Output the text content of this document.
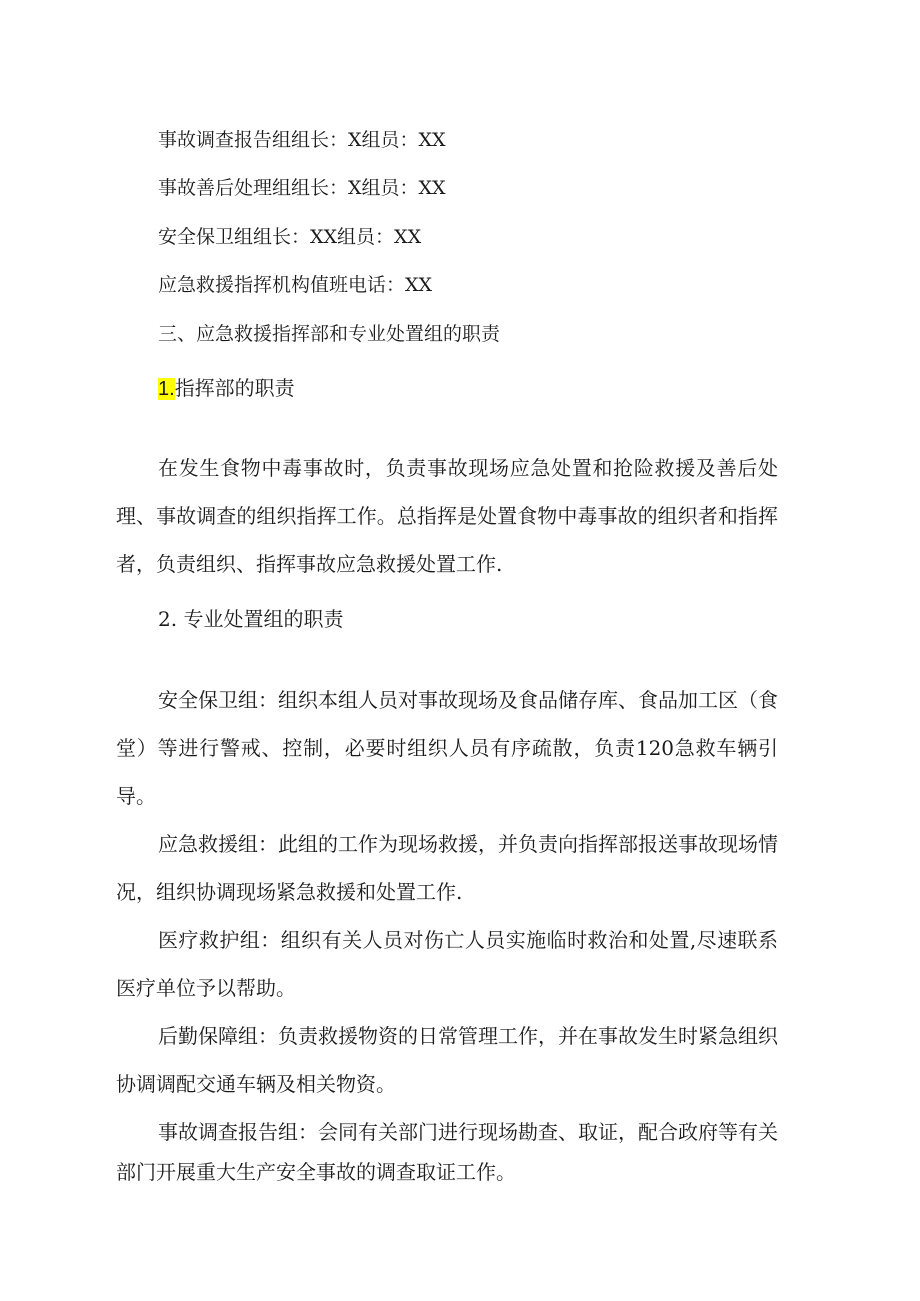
事故调查报告组组长：X组员：XX
事故善后处理组组长：X组员：XX
安全保卫组组长：XX组员：XX
应急救援指挥机构值班电话：XX
三、应急救援指挥部和专业处置组的职责
1.指挥部的职责
在发生食物中毒事故时，负责事故现场应急处置和抢险救援及善后处理、事故调查的组织指挥工作。总指挥是处置食物中毒事故的组织者和指挥者，负责组织、指挥事故应急救援处置工作.
2. 专业处置组的职责
安全保卫组：组织本组人员对事故现场及食品储存库、食品加工区（食堂）等进行警戒、控制，必要时组织人员有序疏散，负责120急救车辆引导。
应急救援组：此组的工作为现场救援，并负责向指挥部报送事故现场情况，组织协调现场紧急救援和处置工作.
医疗救护组：组织有关人员对伤亡人员实施临时救治和处置,尽速联系医疗单位予以帮助。
后勤保障组：负责救援物资的日常管理工作，并在事故发生时紧急组织协调调配交通车辆及相关物资。
事故调查报告组：会同有关部门进行现场勘查、取证，配合政府等有关部门开展重大生产安全事故的调查取证工作。
